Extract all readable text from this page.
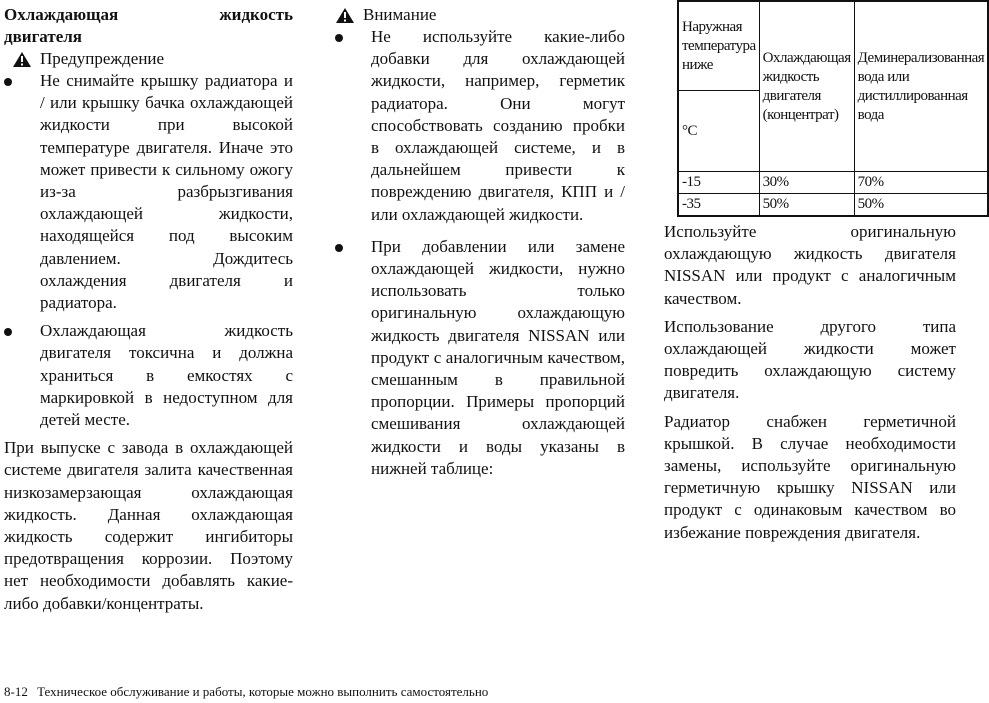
Охлаждающая жидкость
двигателя
Предупреждение

Не снимайте крышку радиатора и / или крышку бачка охлаждающей жидкости при высокой температуре двигателя. Иначе это может привести к сильному ожогу из-за разбрызгивания охлаждающей жидкости, находящейся под высоким давлением. Дождитесь охлаждения двигателя и радиатора.

Охлаждающая жидкость двигателя токсична и должна храниться в емкостях с маркировкой в недоступном для детей месте.

При выпуске с завода в охлаждающей системе двигателя залита качественная низкозамерзающая охлаждающая жидкость. Данная охлаждающая жидкость содержит ингибиторы предотвращения коррозии. Поэтому нет необходимости добавлять какие-либо добавки/концентраты.

Внимание

Не используйте какие-либо добавки для охлаждающей жидкости, например, герметик радиатора. Они могут способствовать созданию пробки в охлаждающей системе, и в дальнейшем привести к повреждению двигателя, КПП и /или охлаждающей жидкости.

При добавлении или замене охлаждающей жидкости, нужно использовать только оригинальную охлаждающую жидкость двигателя NISSAN или продукт с аналогичным качеством, смешанным в правильной пропорции. Примеры пропорций смешивания охлаждающей жидкости и воды указаны в нижней таблице:

Наружная температура ниже	Охлаждающая жидкость двигателя (концентрат)	Деминерализованная вода или дистиллированная вода
°C		
-15	30%	70%
-35	50%	50%

Используйте оригинальную охлаждающую жидкость двигателя NISSAN или продукт с аналогичным качеством.

Использование другого типа охлаждающей жидкости может повредить охлаждающую систему двигателя.

Радиатор снабжен герметичной крышкой. В случае необходимости замены, используйте оригинальную герметичную крышку NISSAN или продукт с одинаковым качеством во избежание повреждения двигателя.

8-12 Техническое обслуживание и работы, которые можно выполнить самостоятельно
